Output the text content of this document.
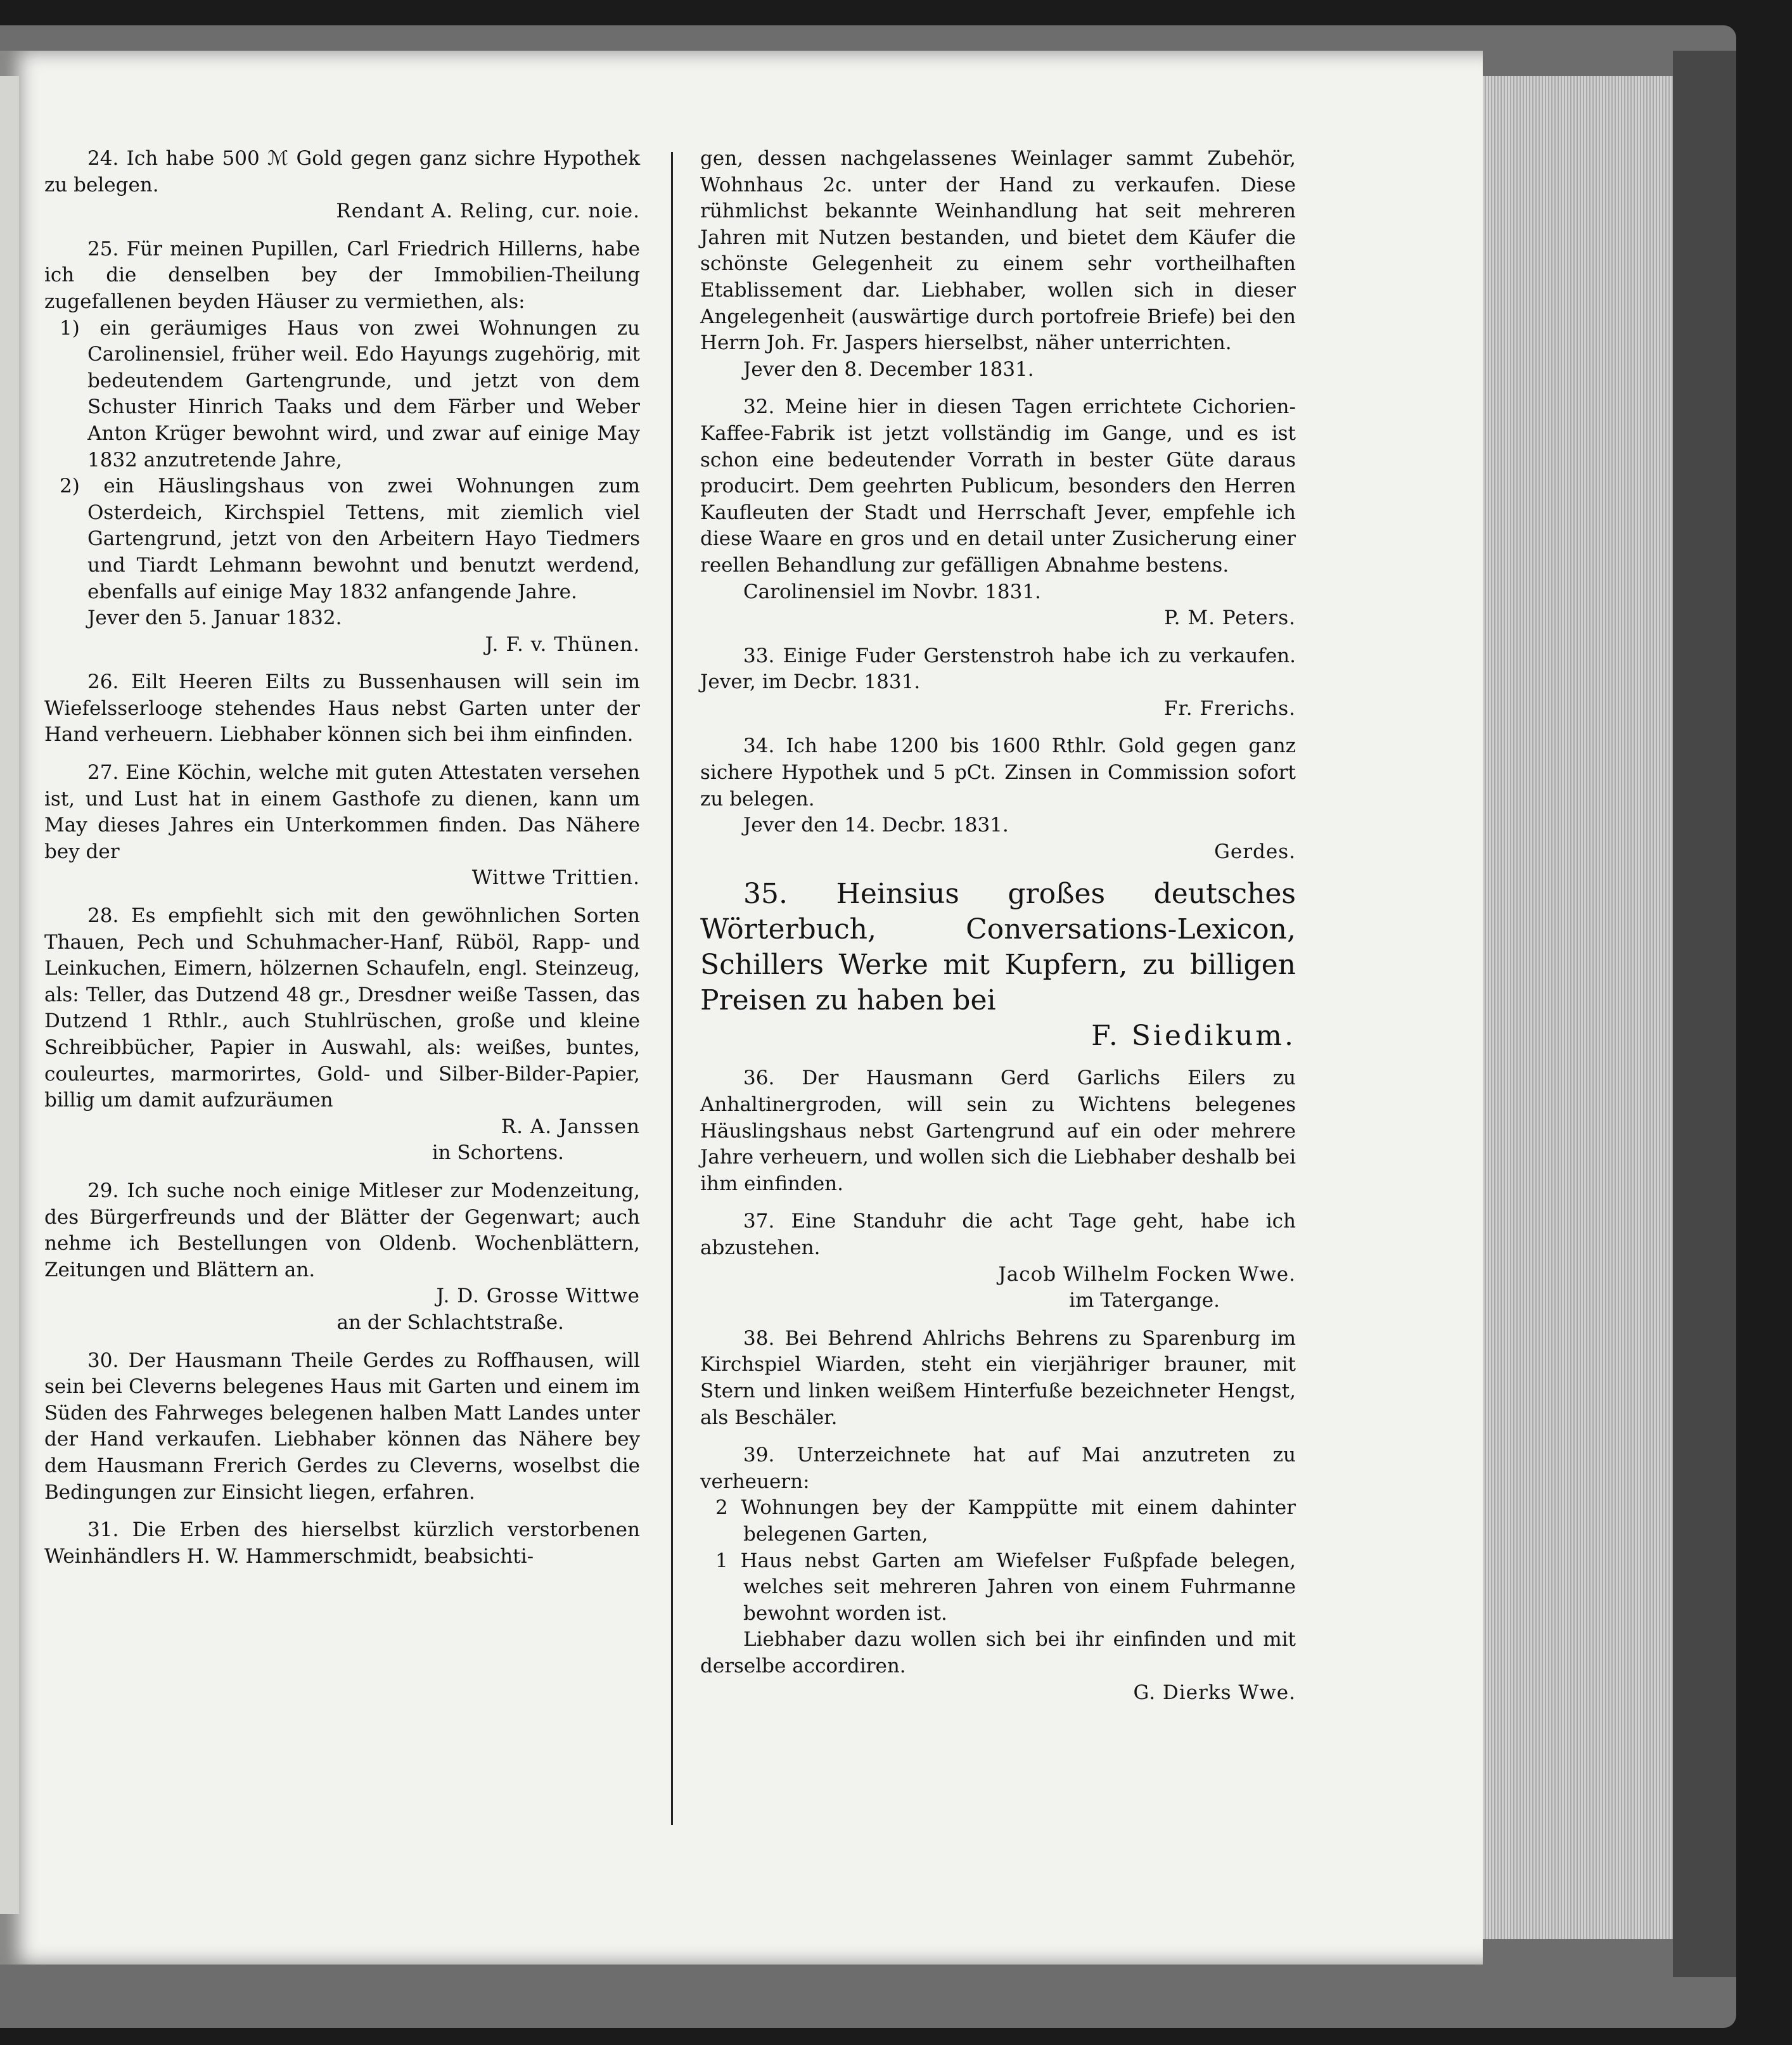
24. Ich habe 500 ℳ Gold gegen ganz sichre Hypothek zu belegen.

Rendant A. Reling, cur. noie.

25. Für meinen Pupillen, Carl Friedrich Hillerns, habe ich die denselben bey der Immobilien-Theilung zugefallenen beyden Häuser zu vermiethen, als:

1) ein geräumiges Haus von zwei Wohnungen zu Carolinensiel, früher weil. Edo Hayungs zugehörig, mit bedeutendem Gartengrunde, und jetzt von dem Schuster Hinrich Taaks und dem Färber und Weber Anton Krüger bewohnt wird, und zwar auf einige May 1832 anzutretende Jahre,
2) ein Häuslingshaus von zwei Wohnungen zum Osterdeich, Kirchspiel Tettens, mit ziemlich viel Gartengrund, jetzt von den Arbeitern Hayo Tiedmers und Tiardt Lehmann bewohnt und benutzt werdend, ebenfalls auf einige May 1832 anfangende Jahre.
Jever den 5. Januar 1832.
J. F. v. Thünen.

26. Eilt Heeren Eilts zu Bussenhausen will sein im Wiefelsserlooge stehendes Haus nebst Garten unter der Hand verheuern. Liebhaber können sich bei ihm einfinden.

27. Eine Köchin, welche mit guten Attestaten versehen ist, und Lust hat in einem Gasthofe zu dienen, kann um May dieses Jahres ein Unterkommen finden. Das Nähere bey der

Wittwe Trittien.

28. Es empfiehlt sich mit den gewöhnlichen Sorten Thauen, Pech und Schuhmacher-Hanf, Rüböl, Rapp- und Leinkuchen, Eimern, hölzernen Schaufeln, engl. Steinzeug, als: Teller, das Dutzend 48 gr., Dresdner weiße Tassen, das Dutzend 1 Rthlr., auch Stuhlrüschen, große und kleine Schreibbücher, Papier in Auswahl, als: weißes, buntes, couleurtes, marmorirtes, Gold- und Silber-Bilder-Papier, billig um damit aufzuräumen

R. A. Janssen
in Schortens.

29. Ich suche noch einige Mitleser zur Modenzeitung, des Bürgerfreunds und der Blätter der Gegenwart; auch nehme ich Bestellungen von Oldenb. Wochenblättern, Zeitungen und Blättern an.

J. D. Grosse Wittwe
an der Schlachtstraße.

30. Der Hausmann Theile Gerdes zu Roffhausen, will sein bei Cleverns belegenes Haus mit Garten und einem im Süden des Fahrweges belegenen halben Matt Landes unter der Hand verkaufen. Liebhaber können das Nähere bey dem Hausmann Frerich Gerdes zu Cleverns, woselbst die Bedingungen zur Einsicht liegen, erfahren.

31. Die Erben des hierselbst kürzlich verstorbenen Weinhändlers H. W. Hammerschmidt, beabsichti-

gen, dessen nachgelassenes Weinlager sammt Zubehör, Wohnhaus 2c. unter der Hand zu verkaufen. Diese rühmlichst bekannte Weinhandlung hat seit mehreren Jahren mit Nutzen bestanden, und bietet dem Käufer die schönste Gelegenheit zu einem sehr vortheilhaften Etablissement dar. Liebhaber, wollen sich in dieser Angelegenheit (auswärtige durch portofreie Briefe) bei den Herrn Joh. Fr. Jaspers hierselbst, näher unterrichten.

Jever den 8. December 1831.

32. Meine hier in diesen Tagen errichtete Cichorien-Kaffee-Fabrik ist jetzt vollständig im Gange, und es ist schon eine bedeutender Vorrath in bester Güte daraus producirt. Dem geehrten Publicum, besonders den Herren Kaufleuten der Stadt und Herrschaft Jever, empfehle ich diese Waare en gros und en detail unter Zusicherung einer reellen Behandlung zur gefälligen Abnahme bestens.

Carolinensiel im Novbr. 1831.
P. M. Peters.

33. Einige Fuder Gerstenstroh habe ich zu verkaufen. Jever, im Decbr. 1831.

Fr. Frerichs.

34. Ich habe 1200 bis 1600 Rthlr. Gold gegen ganz sichere Hypothek und 5 pCt. Zinsen in Commission sofort zu belegen.

Jever den 14. Decbr. 1831.
Gerdes.

35. Heinsius großes deutsches Wörterbuch, Conversations-Lexicon, Schillers Werke mit Kupfern, zu billigen Preisen zu haben bei

F. Siedikum.

36. Der Hausmann Gerd Garlichs Eilers zu Anhaltinergroden, will sein zu Wichtens belegenes Häuslingshaus nebst Gartengrund auf ein oder mehrere Jahre verheuern, und wollen sich die Liebhaber deshalb bei ihm einfinden.

37. Eine Standuhr die acht Tage geht, habe ich abzustehen.

Jacob Wilhelm Focken Wwe.
im Tatergange.

38. Bei Behrend Ahlrichs Behrens zu Sparenburg im Kirchspiel Wiarden, steht ein vierjähriger brauner, mit Stern und linken weißem Hinterfuße bezeichneter Hengst, als Beschäler.

39. Unterzeichnete hat auf Mai anzutreten zu verheuern:

2 Wohnungen bey der Kamppütte mit einem dahinter belegenen Garten,
1 Haus nebst Garten am Wiefelser Fußpfade belegen, welches seit mehreren Jahren von einem Fuhrmanne bewohnt worden ist.

Liebhaber dazu wollen sich bei ihr einfinden und mit derselbe accordiren.

G. Dierks Wwe.
